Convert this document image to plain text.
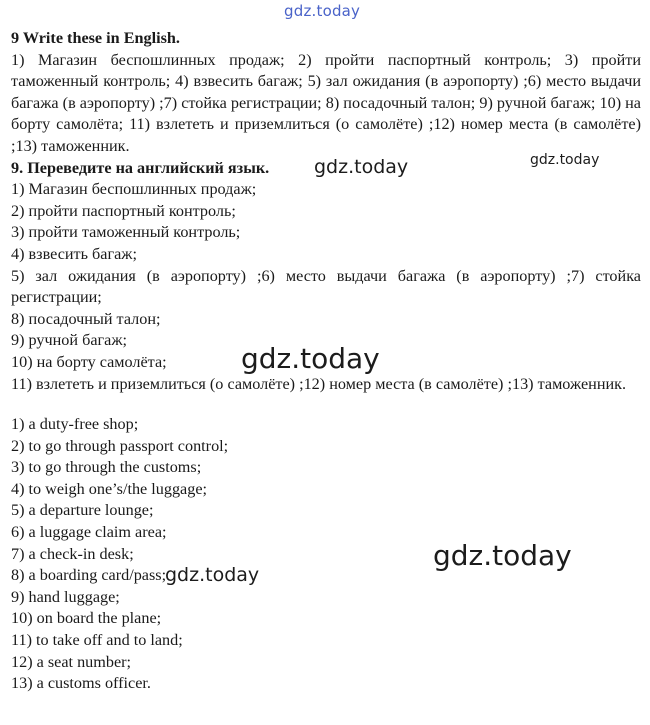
gdz.today

9 Write these in English.

1) Магазин беспошлинных продаж; 2) пройти паспортный контроль; 3) пройти таможенный контроль; 4) взвесить багаж; 5) зал ожидания (в аэропорту) ;6) место выдачи багажа (в аэропорту) ;7) стойка регистрации; 8) посадочный талон; 9) ручной багаж; 10) на борту самолёта; 11) взлететь и приземлиться (о самолёте) ;12) номер места (в самолёте) ;13) таможенник.

9. Переведите на английский язык.

1) Магазин беспошлинных продаж;

2) пройти паспортный контроль;

3) пройти таможенный контроль;

4) взвесить багаж;

5) зал ожидания (в аэропорту) ;6) место выдачи багажа (в аэропорту) ;7) стойка регистрации;

8) посадочный талон;

9) ручной багаж;

10) на борту самолёта;

11) взлететь и приземлиться (о самолёте) ;12) номер места (в самолёте) ;13) таможенник.

1) a duty-free shop;

2) to go through passport control;

3) to go through the customs;

4) to weigh one’s/the luggage;

5) a departure lounge;

6) a luggage claim area;

7) a check-in desk;

8) a boarding card/pass;

9) hand luggage;

10) on board the plane;

11) to take off and to land;

12) a seat number;

13) a customs officer.

gdz.today
gdz.today
gdz.today
gdz.today
gdz.today
